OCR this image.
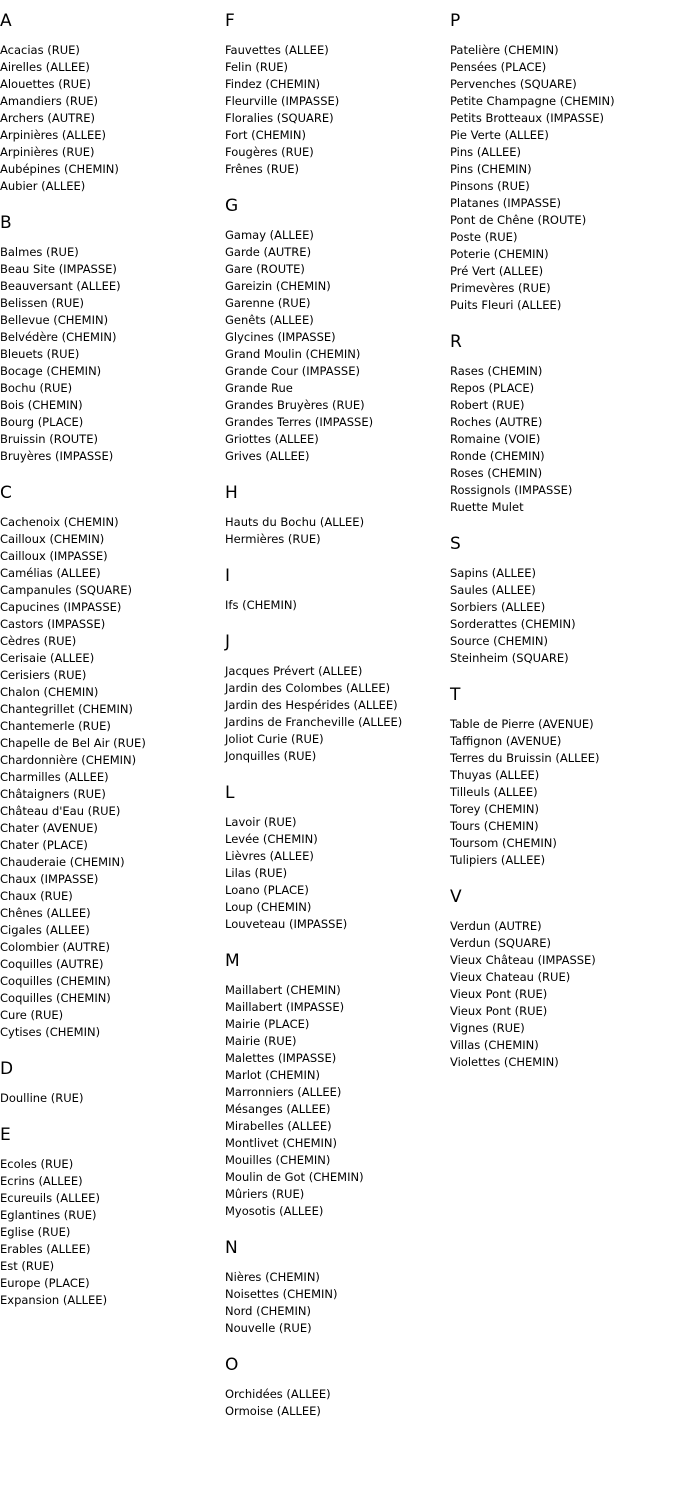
A
Acacias (RUE)
Airelles (ALLEE)
Alouettes (RUE)
Amandiers (RUE)
Archers (AUTRE)
Arpinières (ALLEE)
Arpinières (RUE)
Aubépines (CHEMIN)
Aubier (ALLEE)
B
Balmes (RUE)
Beau Site (IMPASSE)
Beauversant (ALLEE)
Belissen (RUE)
Bellevue (CHEMIN)
Belvédère (CHEMIN)
Bleuets (RUE)
Bocage (CHEMIN)
Bochu (RUE)
Bois (CHEMIN)
Bourg (PLACE)
Bruissin (ROUTE)
Bruyères (IMPASSE)
C
Cachenoix (CHEMIN)
Cailloux (CHEMIN)
Cailloux (IMPASSE)
Camélias (ALLEE)
Campanules (SQUARE)
Capucines (IMPASSE)
Castors (IMPASSE)
Cèdres (RUE)
Cerisaie (ALLEE)
Cerisiers (RUE)
Chalon (CHEMIN)
Chantegrillet (CHEMIN)
Chantemerle (RUE)
Chapelle de Bel Air (RUE)
Chardonnière (CHEMIN)
Charmilles (ALLEE)
Châtaigners (RUE)
Château d'Eau (RUE)
Chater (AVENUE)
Chater (PLACE)
Chauderaie (CHEMIN)
Chaux (IMPASSE)
Chaux (RUE)
Chênes (ALLEE)
Cigales (ALLEE)
Colombier (AUTRE)
Coquilles (AUTRE)
Coquilles (CHEMIN)
Coquilles (CHEMIN)
Cure (RUE)
Cytises (CHEMIN)
D
Doulline (RUE)
E
Ecoles (RUE)
Ecrins (ALLEE)
Ecureuils (ALLEE)
Eglantines (RUE)
Eglise (RUE)
Erables (ALLEE)
Est (RUE)
Europe (PLACE)
Expansion (ALLEE)
F
Fauvettes (ALLEE)
Felin (RUE)
Findez (CHEMIN)
Fleurville (IMPASSE)
Floralies (SQUARE)
Fort (CHEMIN)
Fougères (RUE)
Frênes (RUE)
G
Gamay (ALLEE)
Garde (AUTRE)
Gare (ROUTE)
Gareizin (CHEMIN)
Garenne (RUE)
Genêts (ALLEE)
Glycines (IMPASSE)
Grand Moulin (CHEMIN)
Grande Cour (IMPASSE)
Grande Rue
Grandes Bruyères (RUE)
Grandes Terres (IMPASSE)
Griottes (ALLEE)
Grives (ALLEE)
H
Hauts du Bochu (ALLEE)
Hermières (RUE)
I
Ifs (CHEMIN)
J
Jacques Prévert (ALLEE)
Jardin des Colombes (ALLEE)
Jardin des Hespérides (ALLEE)
Jardins de Francheville (ALLEE)
Joliot Curie (RUE)
Jonquilles (RUE)
L
Lavoir (RUE)
Levée (CHEMIN)
Lièvres (ALLEE)
Lilas (RUE)
Loano (PLACE)
Loup (CHEMIN)
Louveteau (IMPASSE)
M
Maillabert (CHEMIN)
Maillabert (IMPASSE)
Mairie (PLACE)
Mairie (RUE)
Malettes (IMPASSE)
Marlot (CHEMIN)
Marronniers (ALLEE)
Mésanges (ALLEE)
Mirabelles (ALLEE)
Montlivet (CHEMIN)
Mouilles (CHEMIN)
Moulin de Got (CHEMIN)
Mûriers (RUE)
Myosotis (ALLEE)
N
Nières (CHEMIN)
Noisettes (CHEMIN)
Nord (CHEMIN)
Nouvelle (RUE)
O
Orchidées (ALLEE)
Ormoise (ALLEE)
P
Patelière (CHEMIN)
Pensées (PLACE)
Pervenches (SQUARE)
Petite Champagne (CHEMIN)
Petits Brotteaux (IMPASSE)
Pie Verte (ALLEE)
Pins (ALLEE)
Pins (CHEMIN)
Pinsons (RUE)
Platanes (IMPASSE)
Pont de Chêne (ROUTE)
Poste (RUE)
Poterie (CHEMIN)
Pré Vert (ALLEE)
Primevères (RUE)
Puits Fleuri (ALLEE)
R
Rases (CHEMIN)
Repos (PLACE)
Robert (RUE)
Roches (AUTRE)
Romaine (VOIE)
Ronde (CHEMIN)
Roses (CHEMIN)
Rossignols (IMPASSE)
Ruette Mulet
S
Sapins (ALLEE)
Saules (ALLEE)
Sorbiers (ALLEE)
Sorderattes (CHEMIN)
Source (CHEMIN)
Steinheim (SQUARE)
T
Table de Pierre (AVENUE)
Taffignon (AVENUE)
Terres du Bruissin (ALLEE)
Thuyas (ALLEE)
Tilleuls (ALLEE)
Torey (CHEMIN)
Tours (CHEMIN)
Toursom (CHEMIN)
Tulipiers (ALLEE)
V
Verdun (AUTRE)
Verdun (SQUARE)
Vieux Château (IMPASSE)
Vieux Chateau (RUE)
Vieux Pont (RUE)
Vieux Pont (RUE)
Vignes (RUE)
Villas (CHEMIN)
Violettes (CHEMIN)
